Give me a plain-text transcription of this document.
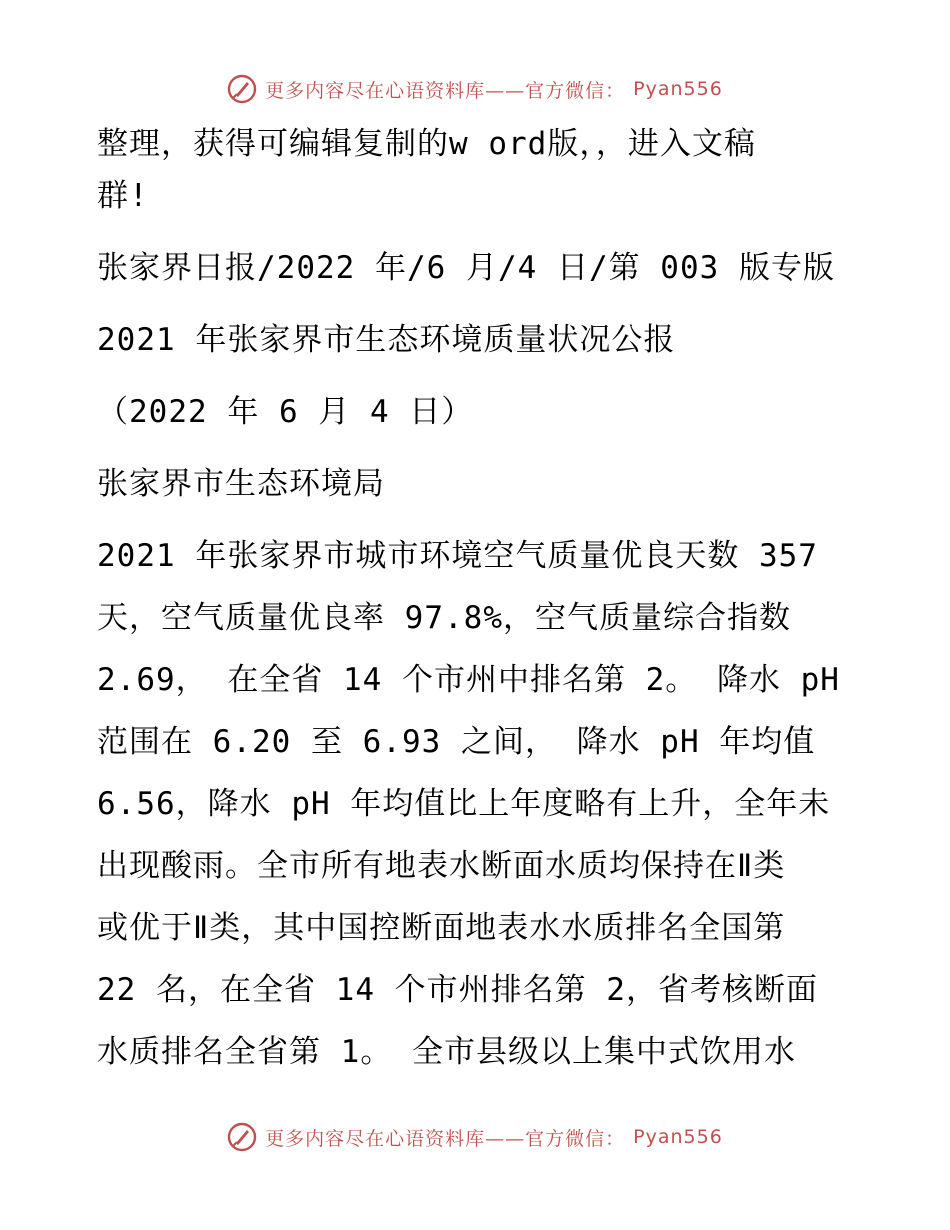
更多内容尽在心语资料库——官方微信： Pyan556
整理，获得可编辑复制的w ord版，，进入文稿
群!
张家界日报/2022 年/6 月/4 日/第 003 版专版
2021 年张家界市生态环境质量状况公报
（2022 年 6 月 4 日）
张家界市生态环境局
2021 年张家界市城市环境空气质量优良天数 357
天，空气质量优良率 97.8%，空气质量综合指数
2.69， 在全省 14 个市州中排名第 2。 降水 pH
范围在 6.20 至 6.93 之间， 降水 pH 年均值
6.56，降水 pH 年均值比上年度略有上升，全年未
出现酸雨。全市所有地表水断面水质均保持在Ⅱ类
或优于Ⅱ类，其中国控断面地表水水质排名全国第
22 名，在全省 14 个市州排名第 2，省考核断面
水质排名全省第 1。 全市县级以上集中式饮用水
更多内容尽在心语资料库——官方微信： Pyan556
